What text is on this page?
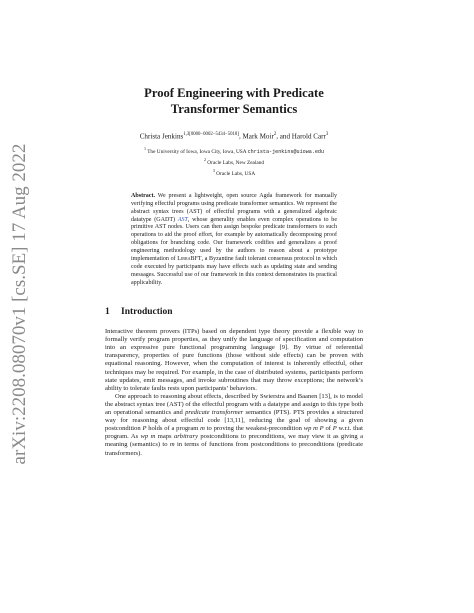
arXiv:2208.08070v1 [cs.SE] 17 Aug 2022
Proof Engineering with Predicate Transformer Semantics
Christa Jenkins$^{1,3[0000-0002-5434-5018]}$, Mark Moir$^2$, and Harold Carr$^3$
$^1$ The University of Iowa, Iowa City, Iowa, USA christa-jenkins@uiowa.edu
$^2$ Oracle Labs, New Zealand
$^3$ Oracle Labs, USA
Abstract. We present a lightweight, open source Agda framework for manually verifying effectful programs using predicate transformer semantics. We represent the abstract syntax trees (AST) of effectful programs with a generalized algebraic datatype (GADT) AST, whose generality enables even complex operations to be primitive AST nodes. Users can then assign bespoke predicate transformers to such operations to aid the proof effort, for example by automatically decomposing proof obligations for branching code. Our framework codifies and generalizes a proof engineering methodology used by the authors to reason about a prototype implementation of LibraBFT, a Byzantine fault tolerant consensus protocol in which code executed by participants may have effects such as updating state and sending messages. Successful use of our framework in this context demonstrates its practical applicability.
1 Introduction

Interactive theorem provers (ITPs) based on dependent type theory provide a flexible way to formally verify program properties, as they unify the language of specification and computation into an expressive pure functional programming language [9]. By virtue of referential transparency, properties of pure functions (those without side effects) can be proven with equational reasoning. However, when the computation of interest is inherently effectful, other techniques may be required. For example, in the case of distributed systems, participants perform state updates, emit messages, and invoke subroutines that may throw exceptions; the network’s ability to tolerate faults rests upon participants’ behaviors.

One approach to reasoning about effects, described by Swierstra and Baanen [13], is to model the abstract syntax tree (AST) of the effectful program with a datatype and assign to this type both an operational semantics and predicate transformer semantics (PTS). PTS provides a structured way for reasoning about effectful code [13,11], reducing the goal of showing a given postcondition P holds of a program m to proving the weakest-precondition wp m P of P w.r.t. that program. As wp m maps arbitrary postconditions to preconditions, we may view it as giving a meaning (semantics) to m in terms of functions from postconditions to preconditions (predicate transformers).
